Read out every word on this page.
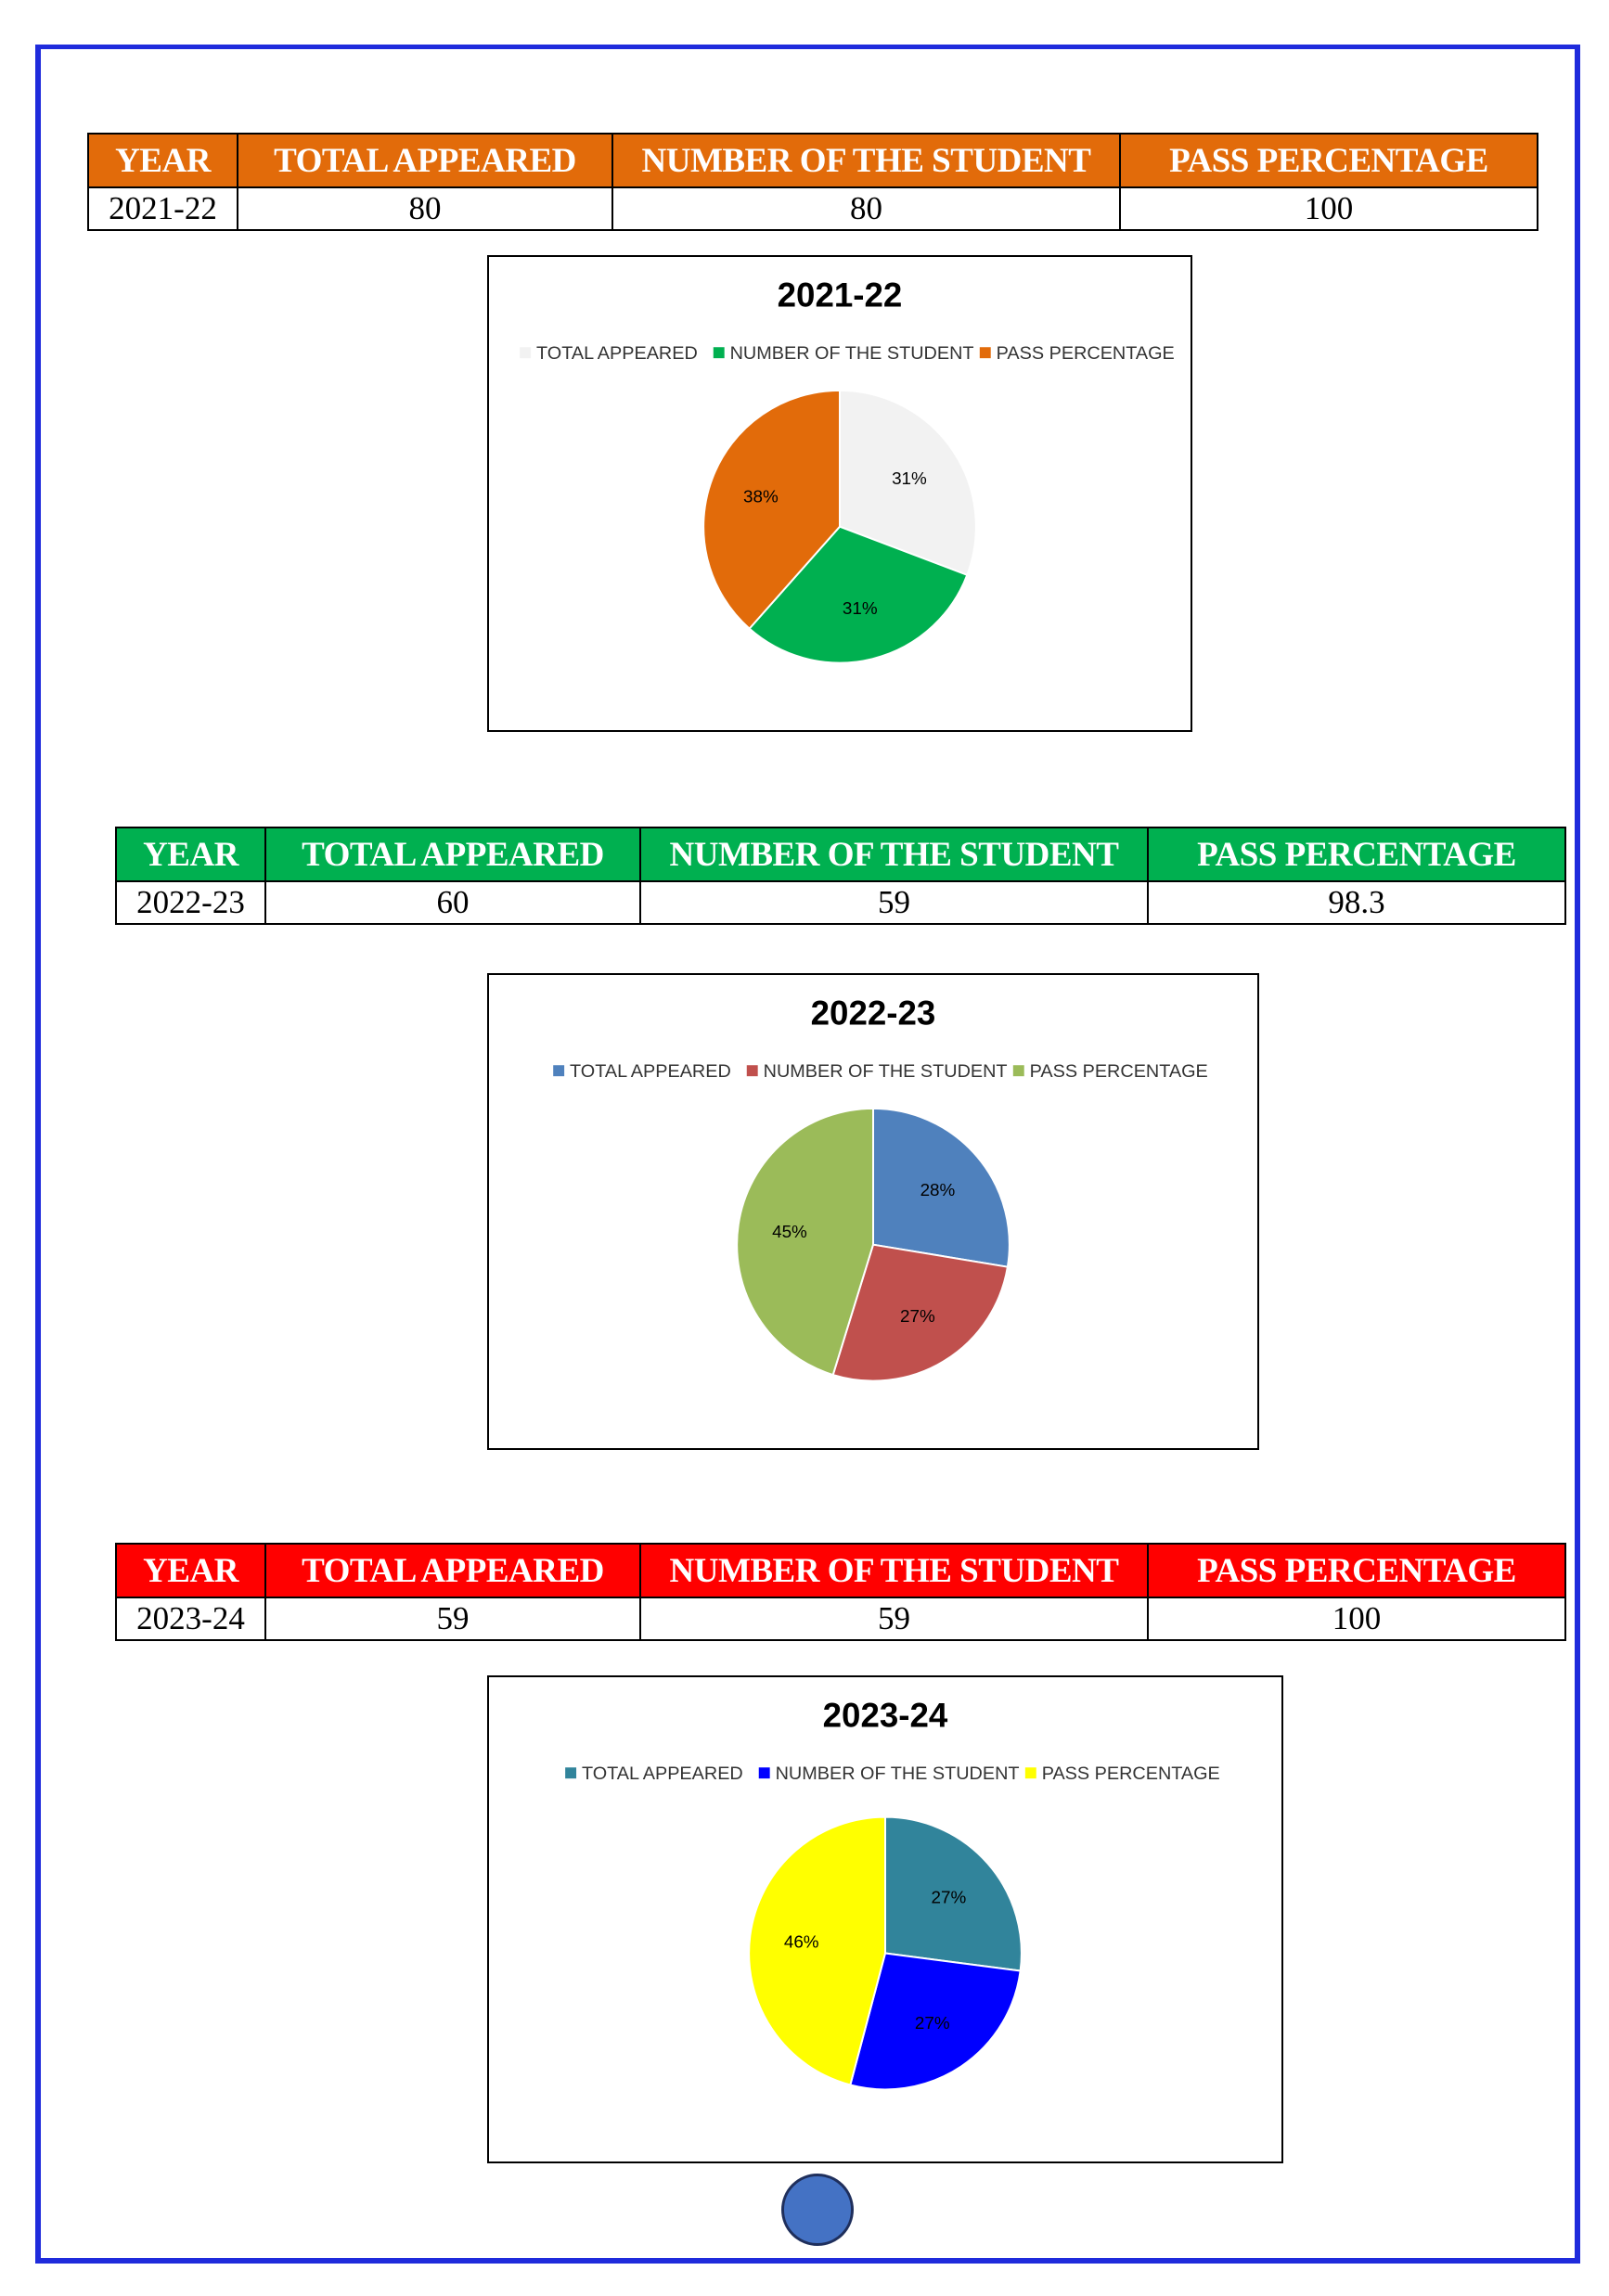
YEAR	TOTAL APPEARED	NUMBER OF THE STUDENT	PASS PERCENTAGE
2021-22	80	80	100
2021-22
TOTAL APPEARED NUMBER OF THE STUDENT PASS PERCENTAGE
31%
31%
38%
YEAR	TOTAL APPEARED	NUMBER OF THE STUDENT	PASS PERCENTAGE
2022-23	60	59	98.3
2022-23
TOTAL APPEARED NUMBER OF THE STUDENT PASS PERCENTAGE
28%
27%
45%
YEAR	TOTAL APPEARED	NUMBER OF THE STUDENT	PASS PERCENTAGE
2023-24	59	59	100
2023-24
TOTAL APPEARED NUMBER OF THE STUDENT PASS PERCENTAGE
27%
27%
46%
